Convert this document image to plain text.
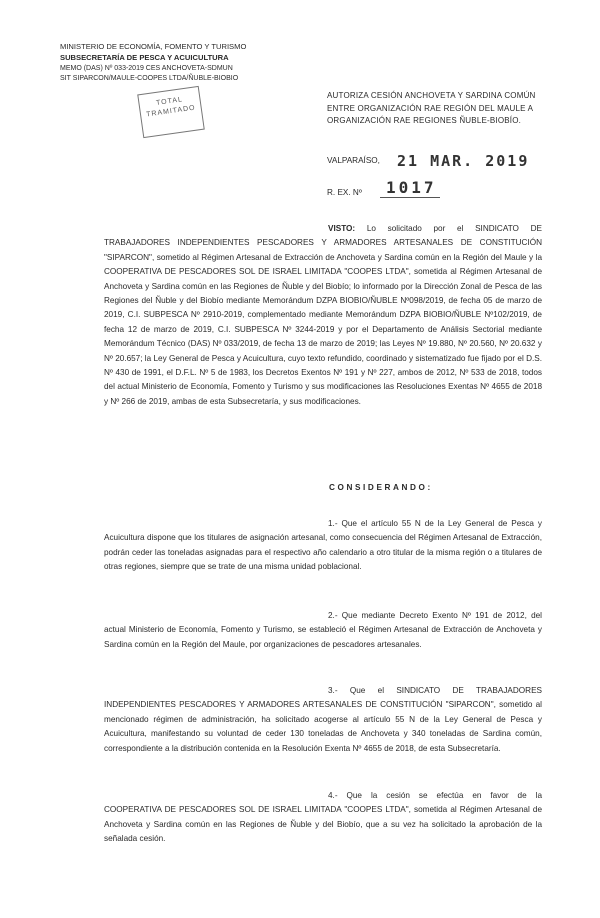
MINISTERIO DE ECONOMÍA, FOMENTO Y TURISMO
SUBSECRETARÍA DE PESCA Y ACUICULTURA
MEMO (DAS) Nº 033-2019 CES ANCHOVETA-SDMUN
SIT SIPARCON/MAULE-COOPES LTDA/ÑUBLE-BIOBIO
TOTAL
TRAMITADO
AUTORIZA CESIÓN ANCHOVETA Y SARDINA COMÚN ENTRE ORGANIZACIÓN RAE REGIÓN DEL MAULE A ORGANIZACIÓN RAE REGIONES ÑUBLE-BIOBÍO.
VALPARAÍSO, 21 MAR. 2019
R. EX. Nº 1017

VISTO: Lo solicitado por el SINDICATO DE TRABAJADORES INDEPENDIENTES PESCADORES Y ARMADORES ARTESANALES DE CONSTITUCIÓN "SIPARCON", sometido al Régimen Artesanal de Extracción de Anchoveta y Sardina común en la Región del Maule y la COOPERATIVA DE PESCADORES SOL DE ISRAEL LIMITADA "COOPES LTDA", sometida al Régimen Artesanal de Anchoveta y Sardina común en las Regiones de Ñuble y del Biobío; lo informado por la Dirección Zonal de Pesca de las Regiones del Ñuble y del Biobío mediante Memorándum DZPA BIOBIO/ÑUBLE Nº098/2019, de fecha 05 de marzo de 2019, C.I. SUBPESCA Nº 2910-2019, complementado mediante Memorándum DZPA BIOBIO/ÑUBLE Nº102/2019, de fecha 12 de marzo de 2019, C.I. SUBPESCA Nº 3244-2019 y por el Departamento de Análisis Sectorial mediante Memorándum Técnico (DAS) Nº 033/2019, de fecha 13 de marzo de 2019; las Leyes Nº 19.880, Nº 20.560, Nº 20.632 y Nº 20.657; la Ley General de Pesca y Acuicultura, cuyo texto refundido, coordinado y sistematizado fue fijado por el D.S. Nº 430 de 1991, el D.F.L. Nº 5 de 1983, los Decretos Exentos Nº 191 y Nº 227, ambos de 2012, Nº 533 de 2018, todos del actual Ministerio de Economía, Fomento y Turismo y sus modificaciones las Resoluciones Exentas Nº 4655 de 2018 y Nº 266 de 2019, ambas de esta Subsecretaría, y sus modificaciones.

CONSIDERANDO:

1.- Que el artículo 55 N de la Ley General de Pesca y Acuicultura dispone que los titulares de asignación artesanal, como consecuencia del Régimen Artesanal de Extracción, podrán ceder las toneladas asignadas para el respectivo año calendario a otro titular de la misma región o a titulares de otras regiones, siempre que se trate de una misma unidad poblacional.

2.- Que mediante Decreto Exento Nº 191 de 2012, del actual Ministerio de Economía, Fomento y Turismo, se estableció el Régimen Artesanal de Extracción de Anchoveta y Sardina común en la Región del Maule, por organizaciones de pescadores artesanales.

3.- Que el SINDICATO DE TRABAJADORES INDEPENDIENTES PESCADORES Y ARMADORES ARTESANALES DE CONSTITUCIÓN "SIPARCON", sometido al mencionado régimen de administración, ha solicitado acogerse al artículo 55 N de la Ley General de Pesca y Acuicultura, manifestando su voluntad de ceder 130 toneladas de Anchoveta y 340 toneladas de Sardina común, correspondiente a la distribución contenida en la Resolución Exenta Nº 4655 de 2018, de esta Subsecretaría.

4.- Que la cesión se efectúa en favor de la COOPERATIVA DE PESCADORES SOL DE ISRAEL LIMITADA "COOPES LTDA", sometida al Régimen Artesanal de Anchoveta y Sardina común en las Regiones de Ñuble y del Biobío, que a su vez ha solicitado la aprobación de la señalada cesión.
